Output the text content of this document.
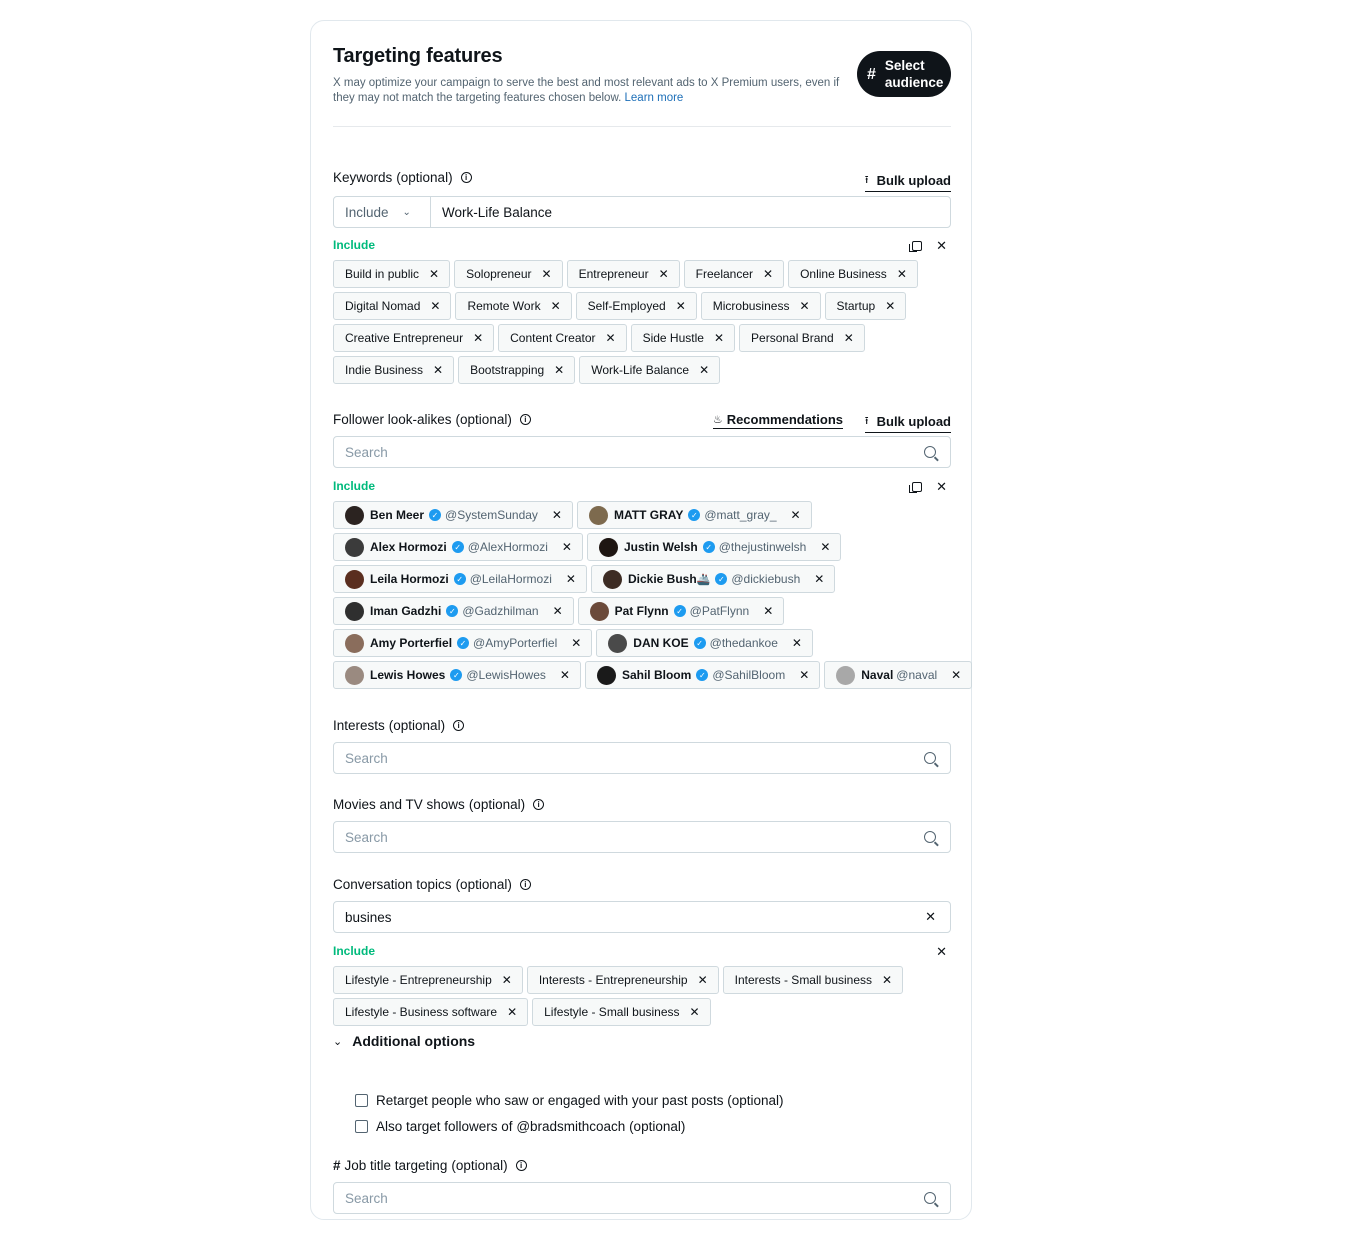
Targeting features
X may optimize your campaign to serve the best and most relevant ads to X Premium users, even if they may not match the targeting features chosen below. Learn more
# Select
audience
Keywords (optional)	i	⭱ Bulk upload
Include ⌄	Work-Life Balance
Include	✕
Build in public ✕ Solopreneur ✕ Entrepreneur ✕ Freelancer ✕ Online Business ✕
Digital Nomad ✕ Remote Work ✕ Self-Employed ✕ Microbusiness ✕ Startup ✕
Creative Entrepreneur ✕ Content Creator ✕ Side Hustle ✕ Personal Brand ✕
Indie Business ✕ Bootstrapping ✕ Work-Life Balance ✕
Follower look-alikes (optional)	i	♨ Recommendations ⭱ Bulk upload
Search
Include	✕
Ben Meer ✓ @SystemSunday ✕	MATT GRAY ✓ @matt_gray_ ✕
Alex Hormozi ✓ @AlexHormozi ✕	Justin Welsh ✓ @thejustinwelsh ✕
Leila Hormozi ✓ @LeilaHormozi ✕	Dickie Bush 🚢 ✓ @dickiebush ✕
Iman Gadzhi ✓ @Gadzhilman ✕	Pat Flynn ✓ @PatFlynn ✕
Amy Porterfiel ✓ @AmyPorterfiel ✕	DAN KOE ✓ @thedankoe ✕
Lewis Howes ✓ @LewisHowes ✕	Sahil Bloom ✓ @SahilBloom ✕	Naval @naval ✕
Interests (optional)	i
Search
Movies and TV shows (optional)	i
Search
Conversation topics (optional)	i
busines	✕
Include	✕
Lifestyle - Entrepreneurship ✕ Interests - Entrepreneurship ✕ Interests - Small business ✕
Lifestyle - Business software ✕ Lifestyle - Small business ✕
⌄ Additional options
Retarget people who saw or engaged with your past posts (optional)
Also target followers of @bradsmithcoach (optional)
# Job title targeting (optional)	i
Search
